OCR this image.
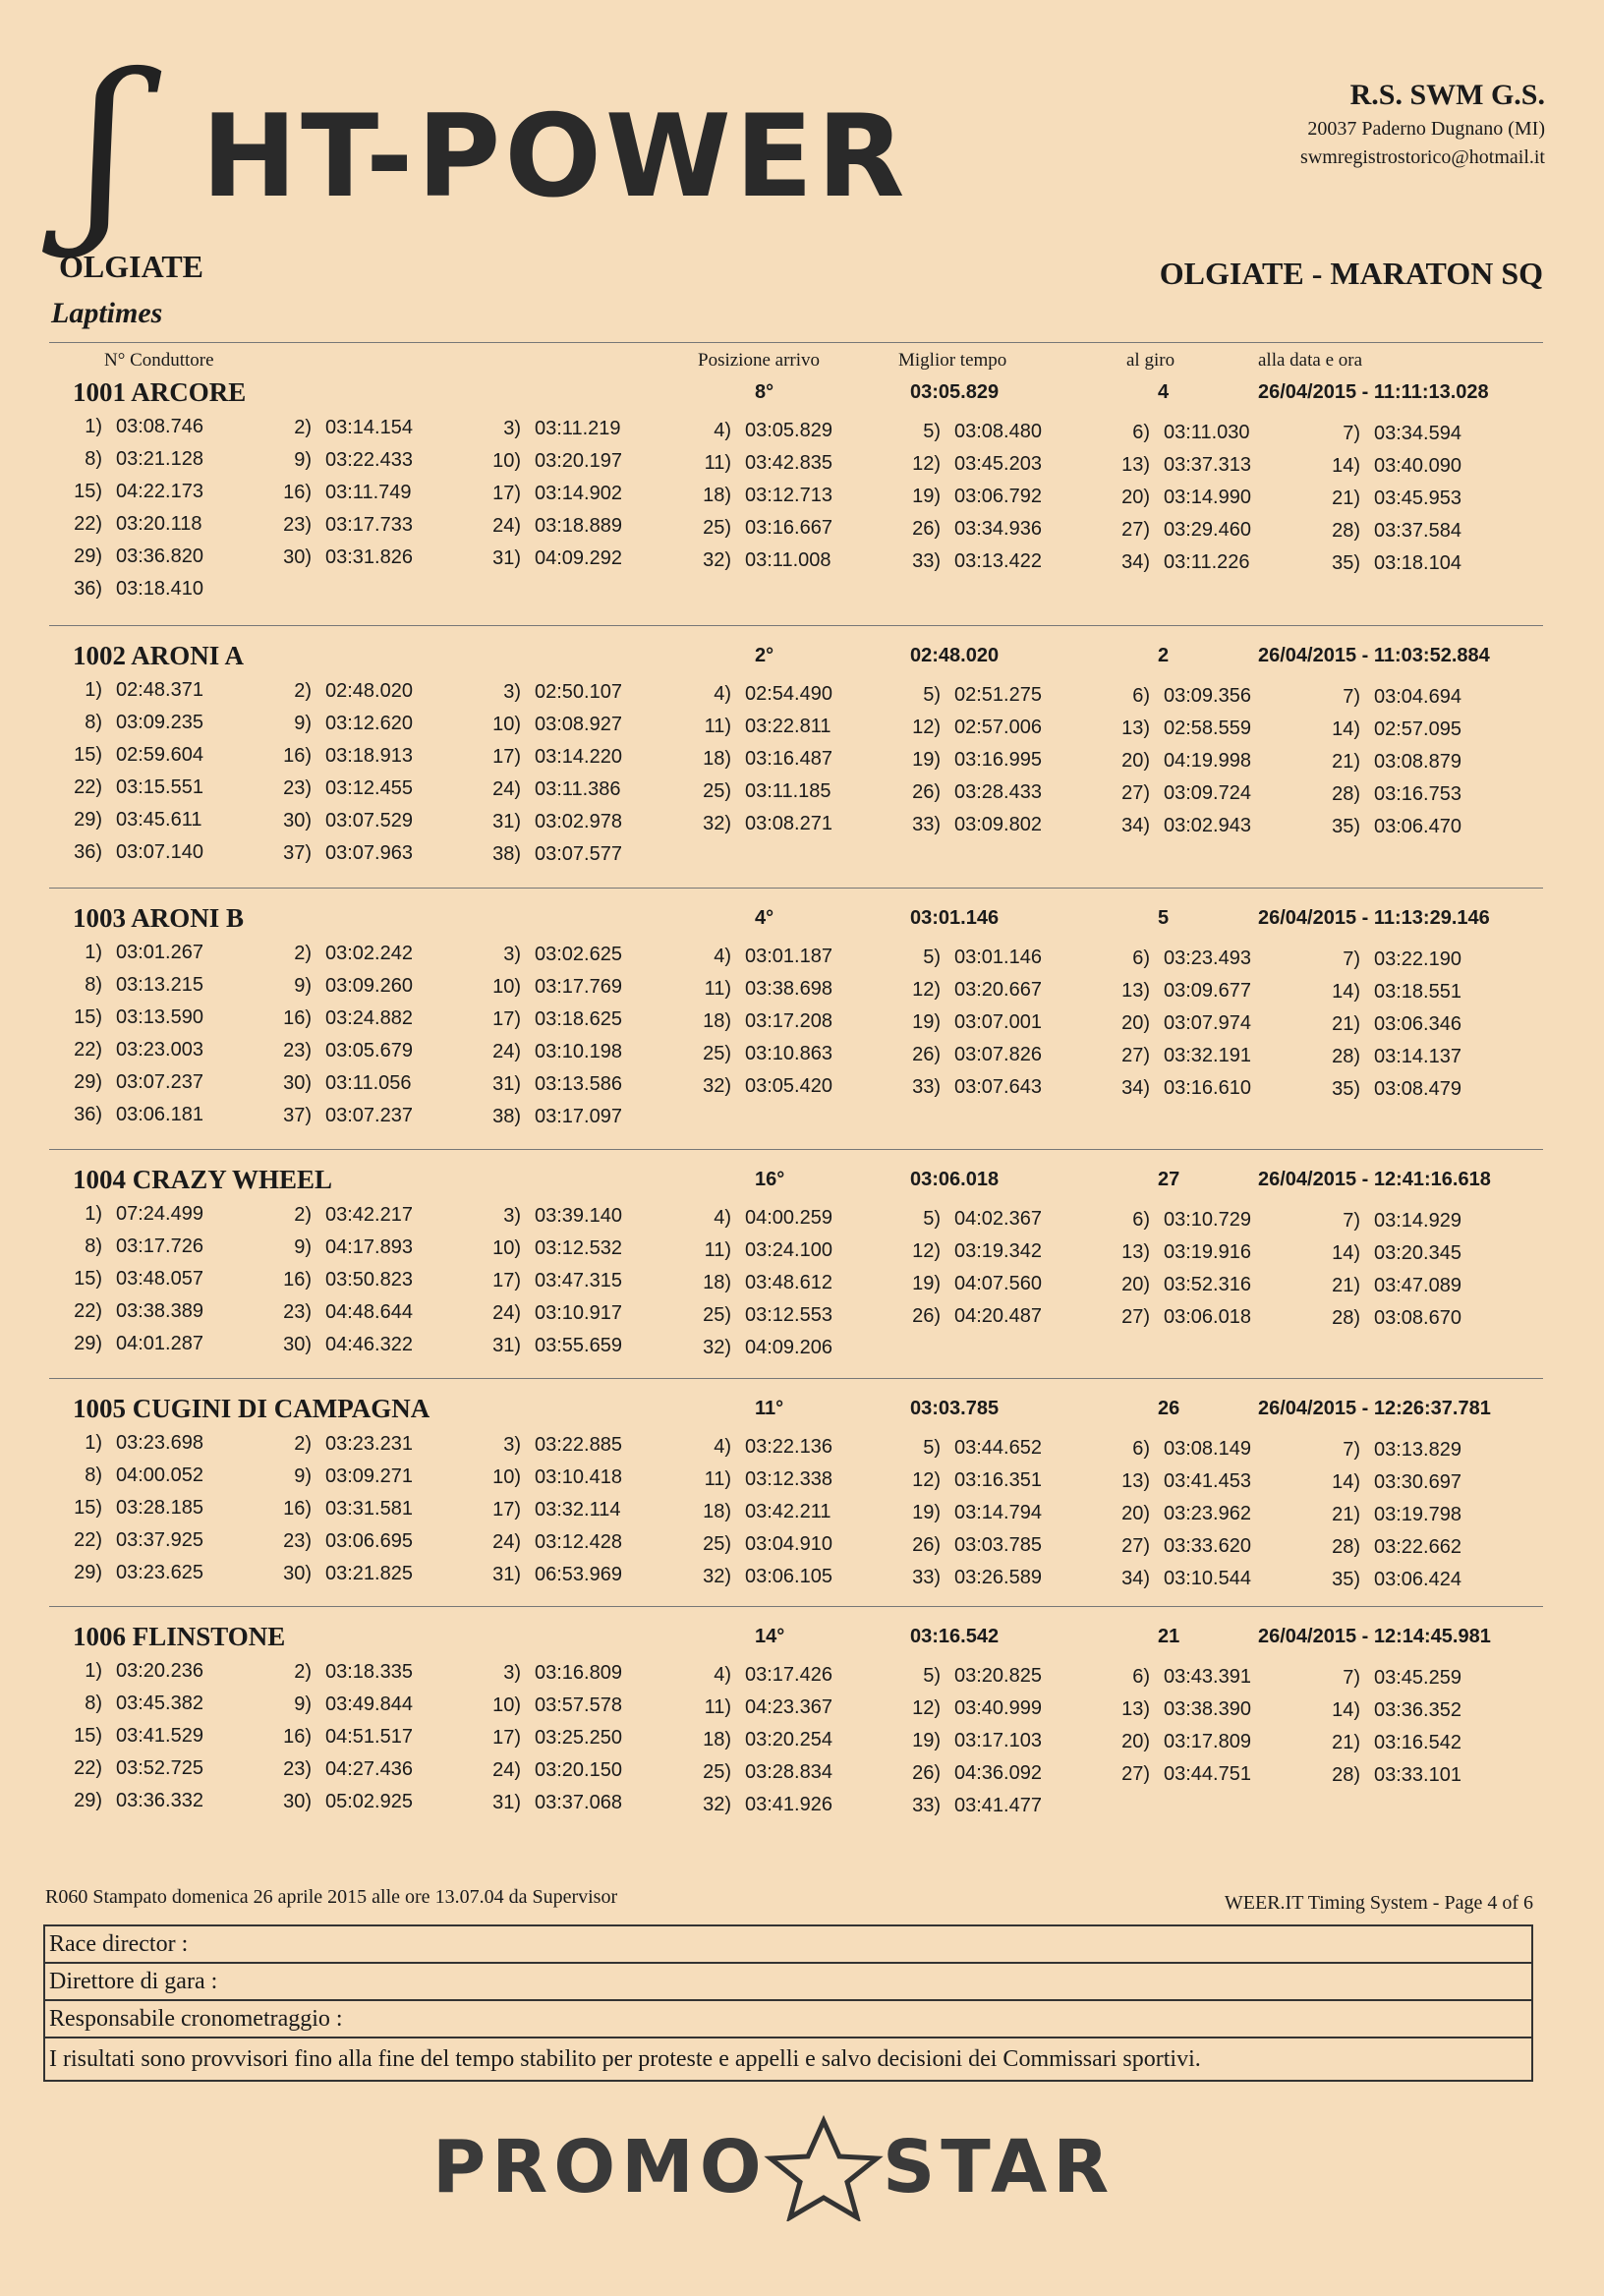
ʃ HT-POWER	R.S. SWM G.S.
20037 Paderno Dugnano (MI)
swmregistrostorico@hotmail.it
OLGIATE	OLGIATE - MARATON SQ
Laptimes
N° Conduttore	Posizione arrivo	Miglior tempo	al giro	alla data e ora
1001 ARCORE	8°	03:05.829	4	26/04/2015 - 11:11:13.028
1) 03:08.746	2) 03:14.154	3) 03:11.219	4) 03:05.829	5) 03:08.480	6) 03:11.030	7) 03:34.594
8) 03:21.128	9) 03:22.433	10) 03:20.197	11) 03:42.835	12) 03:45.203	13) 03:37.313	14) 03:40.090
15) 04:22.173	16) 03:11.749	17) 03:14.902	18) 03:12.713	19) 03:06.792	20) 03:14.990	21) 03:45.953
22) 03:20.118	23) 03:17.733	24) 03:18.889	25) 03:16.667	26) 03:34.936	27) 03:29.460	28) 03:37.584
29) 03:36.820	30) 03:31.826	31) 04:09.292	32) 03:11.008	33) 03:13.422	34) 03:11.226	35) 03:18.104
36) 03:18.410
1002 ARONI A	2°	02:48.020	2	26/04/2015 - 11:03:52.884
1) 02:48.371	2) 02:48.020	3) 02:50.107	4) 02:54.490	5) 02:51.275	6) 03:09.356	7) 03:04.694
8) 03:09.235	9) 03:12.620	10) 03:08.927	11) 03:22.811	12) 02:57.006	13) 02:58.559	14) 02:57.095
15) 02:59.604	16) 03:18.913	17) 03:14.220	18) 03:16.487	19) 03:16.995	20) 04:19.998	21) 03:08.879
22) 03:15.551	23) 03:12.455	24) 03:11.386	25) 03:11.185	26) 03:28.433	27) 03:09.724	28) 03:16.753
29) 03:45.611	30) 03:07.529	31) 03:02.978	32) 03:08.271	33) 03:09.802	34) 03:02.943	35) 03:06.470
36) 03:07.140	37) 03:07.963	38) 03:07.577
1003 ARONI B	4°	03:01.146	5	26/04/2015 - 11:13:29.146
1) 03:01.267	2) 03:02.242	3) 03:02.625	4) 03:01.187	5) 03:01.146	6) 03:23.493	7) 03:22.190
8) 03:13.215	9) 03:09.260	10) 03:17.769	11) 03:38.698	12) 03:20.667	13) 03:09.677	14) 03:18.551
15) 03:13.590	16) 03:24.882	17) 03:18.625	18) 03:17.208	19) 03:07.001	20) 03:07.974	21) 03:06.346
22) 03:23.003	23) 03:05.679	24) 03:10.198	25) 03:10.863	26) 03:07.826	27) 03:32.191	28) 03:14.137
29) 03:07.237	30) 03:11.056	31) 03:13.586	32) 03:05.420	33) 03:07.643	34) 03:16.610	35) 03:08.479
36) 03:06.181	37) 03:07.237	38) 03:17.097
1004 CRAZY WHEEL	16°	03:06.018	27	26/04/2015 - 12:41:16.618
1) 07:24.499	2) 03:42.217	3) 03:39.140	4) 04:00.259	5) 04:02.367	6) 03:10.729	7) 03:14.929
8) 03:17.726	9) 04:17.893	10) 03:12.532	11) 03:24.100	12) 03:19.342	13) 03:19.916	14) 03:20.345
15) 03:48.057	16) 03:50.823	17) 03:47.315	18) 03:48.612	19) 04:07.560	20) 03:52.316	21) 03:47.089
22) 03:38.389	23) 04:48.644	24) 03:10.917	25) 03:12.553	26) 04:20.487	27) 03:06.018	28) 03:08.670
29) 04:01.287	30) 04:46.322	31) 03:55.659	32) 04:09.206
1005 CUGINI DI CAMPAGNA	11°	03:03.785	26	26/04/2015 - 12:26:37.781
1) 03:23.698	2) 03:23.231	3) 03:22.885	4) 03:22.136	5) 03:44.652	6) 03:08.149	7) 03:13.829
8) 04:00.052	9) 03:09.271	10) 03:10.418	11) 03:12.338	12) 03:16.351	13) 03:41.453	14) 03:30.697
15) 03:28.185	16) 03:31.581	17) 03:32.114	18) 03:42.211	19) 03:14.794	20) 03:23.962	21) 03:19.798
22) 03:37.925	23) 03:06.695	24) 03:12.428	25) 03:04.910	26) 03:03.785	27) 03:33.620	28) 03:22.662
29) 03:23.625	30) 03:21.825	31) 06:53.969	32) 03:06.105	33) 03:26.589	34) 03:10.544	35) 03:06.424
1006 FLINSTONE	14°	03:16.542	21	26/04/2015 - 12:14:45.981
1) 03:20.236	2) 03:18.335	3) 03:16.809	4) 03:17.426	5) 03:20.825	6) 03:43.391	7) 03:45.259
8) 03:45.382	9) 03:49.844	10) 03:57.578	11) 04:23.367	12) 03:40.999	13) 03:38.390	14) 03:36.352
15) 03:41.529	16) 04:51.517	17) 03:25.250	18) 03:20.254	19) 03:17.103	20) 03:17.809	21) 03:16.542
22) 03:52.725	23) 04:27.436	24) 03:20.150	25) 03:28.834	26) 04:36.092	27) 03:44.751	28) 03:33.101
29) 03:36.332	30) 05:02.925	31) 03:37.068	32) 03:41.926	33) 03:41.477
R060 Stampato domenica 26 aprile 2015 alle ore 13.07.04 da Supervisor	WEER.IT Timing System - Page 4 of 6
Race director :
Direttore di gara :
Responsabile cronometraggio :
I risultati sono provvisori fino alla fine del tempo stabilito per proteste e appelli e salvo decisioni dei Commissari sportivi.
PROMO STAR
